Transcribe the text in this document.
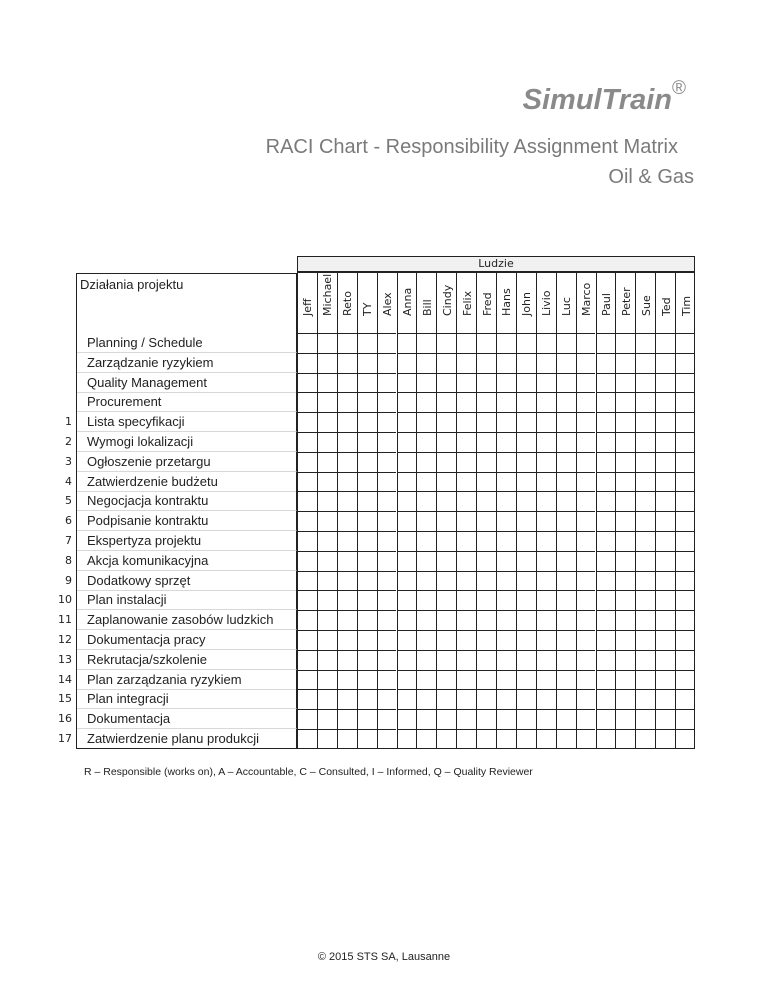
SimulTrain ®
RACI Chart - Responsibility Assignment Matrix
Oil & Gas
Działania projektu
Ludzie
Jeff Michael Reto TY Alex Anna Bill Cindy Felix Fred Hans John Livio Luc Marco Paul Peter Sue Ted Tim
Planning / Schedule
Zarządzanie ryzykiem
Quality Management
Procurement
1	Lista specyfikacji
2	Wymogi lokalizacji
3	Ogłoszenie przetargu
4	Zatwierdzenie budżetu
5	Negocjacja kontraktu
6	Podpisanie kontraktu
7	Ekspertyza projektu
8	Akcja komunikacyjna
9	Dodatkowy sprzęt
10	Plan instalacji
11	Zaplanowanie zasobów ludzkich
12	Dokumentacja pracy
13	Rekrutacja/szkolenie
14	Plan zarządzania ryzykiem
15	Plan integracji
16	Dokumentacja
17	Zatwierdzenie planu produkcji
R – Responsible (works on), A – Accountable, C – Consulted, I – Informed, Q – Quality Reviewer
© 2015 STS SA, Lausanne
